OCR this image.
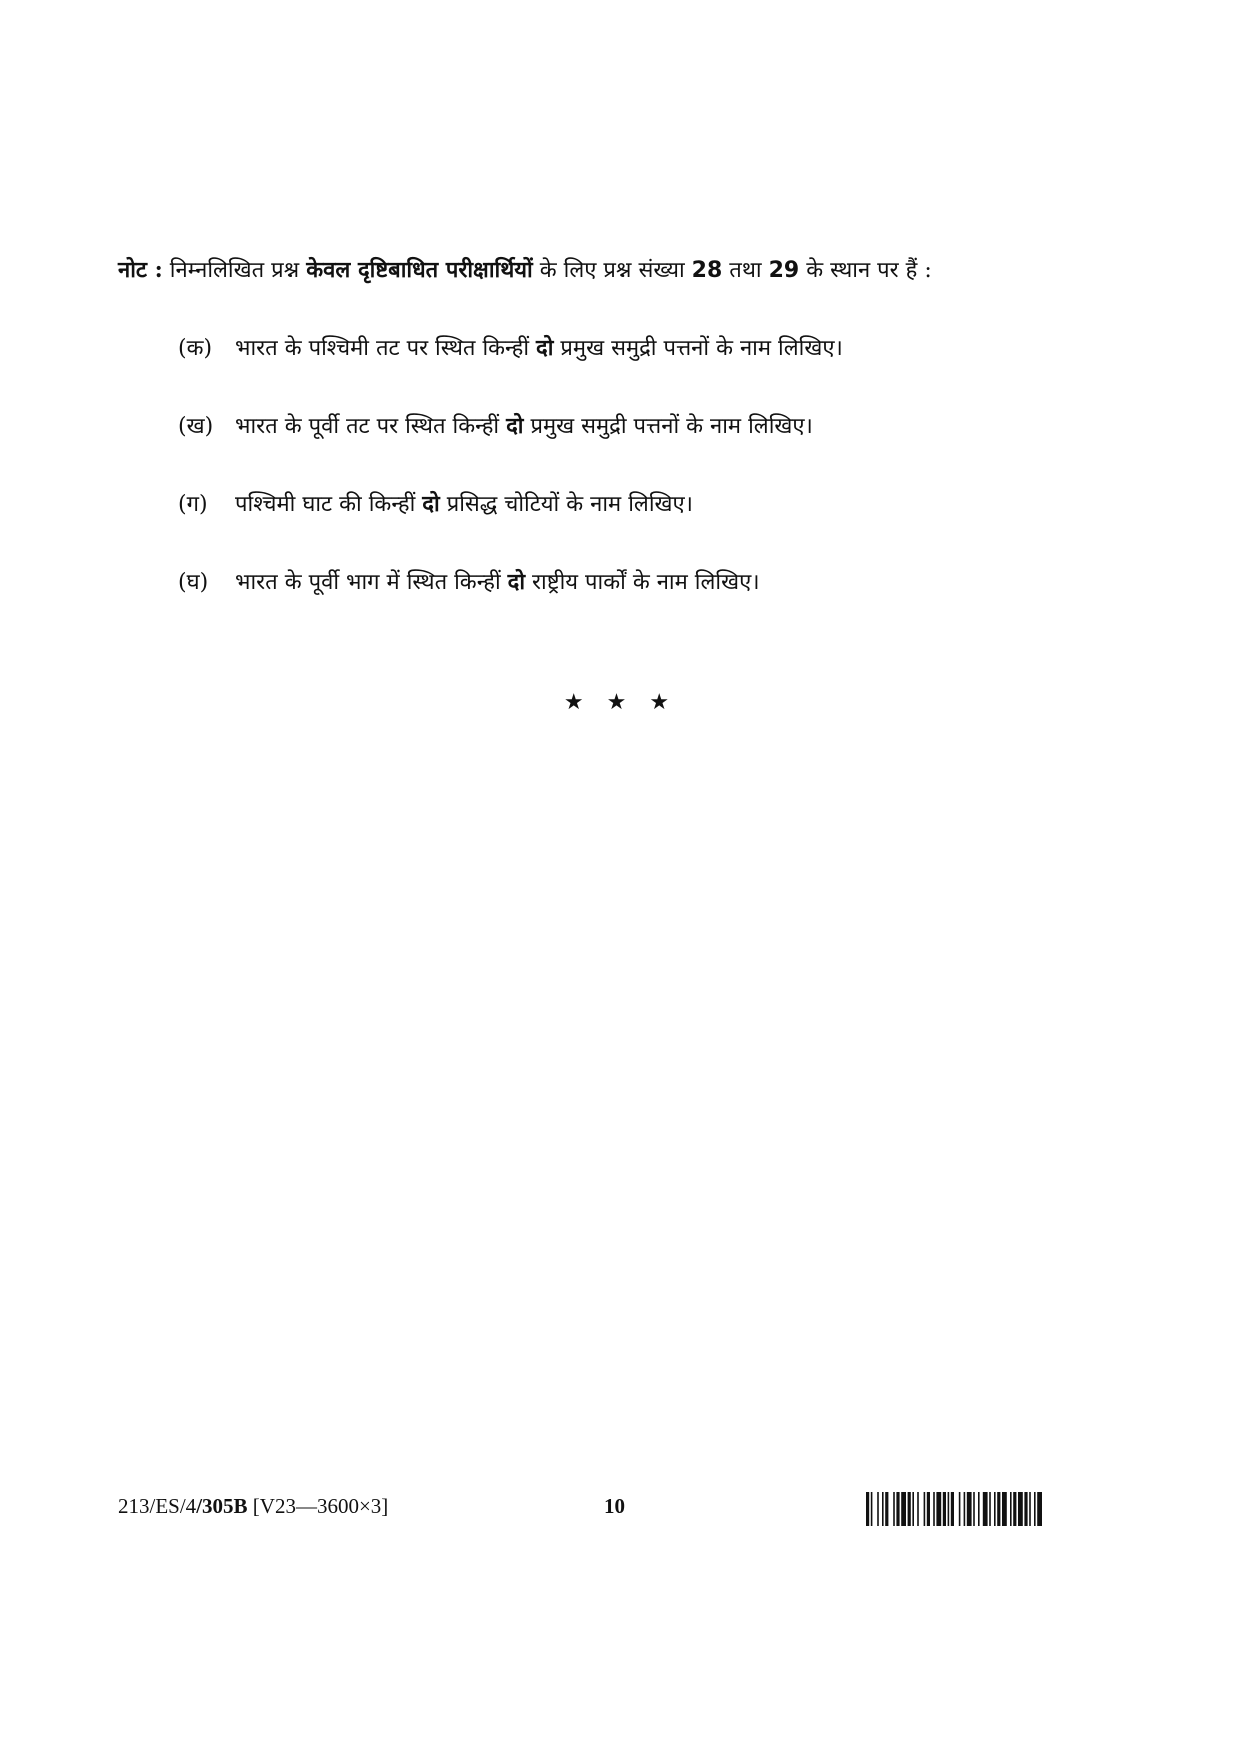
नोट : निम्नलिखित प्रश्न केवल दृष्टिबाधित परीक्षार्थियों के लिए प्रश्न संख्या 28 तथा 29 के स्थान पर हैं :
(क) भारत के पश्चिमी तट पर स्थित किन्हीं दो प्रमुख समुद्री पत्तनों के नाम लिखिए।
(ख) भारत के पूर्वी तट पर स्थित किन्हीं दो प्रमुख समुद्री पत्तनों के नाम लिखिए।
(ग) पश्चिमी घाट की किन्हीं दो प्रसिद्ध चोटियों के नाम लिखिए।
(घ) भारत के पूर्वी भाग में स्थित किन्हीं दो राष्ट्रीय पार्कों के नाम लिखिए।
★ ★ ★
213/ES/4/305B [V23—3600×3]	10
